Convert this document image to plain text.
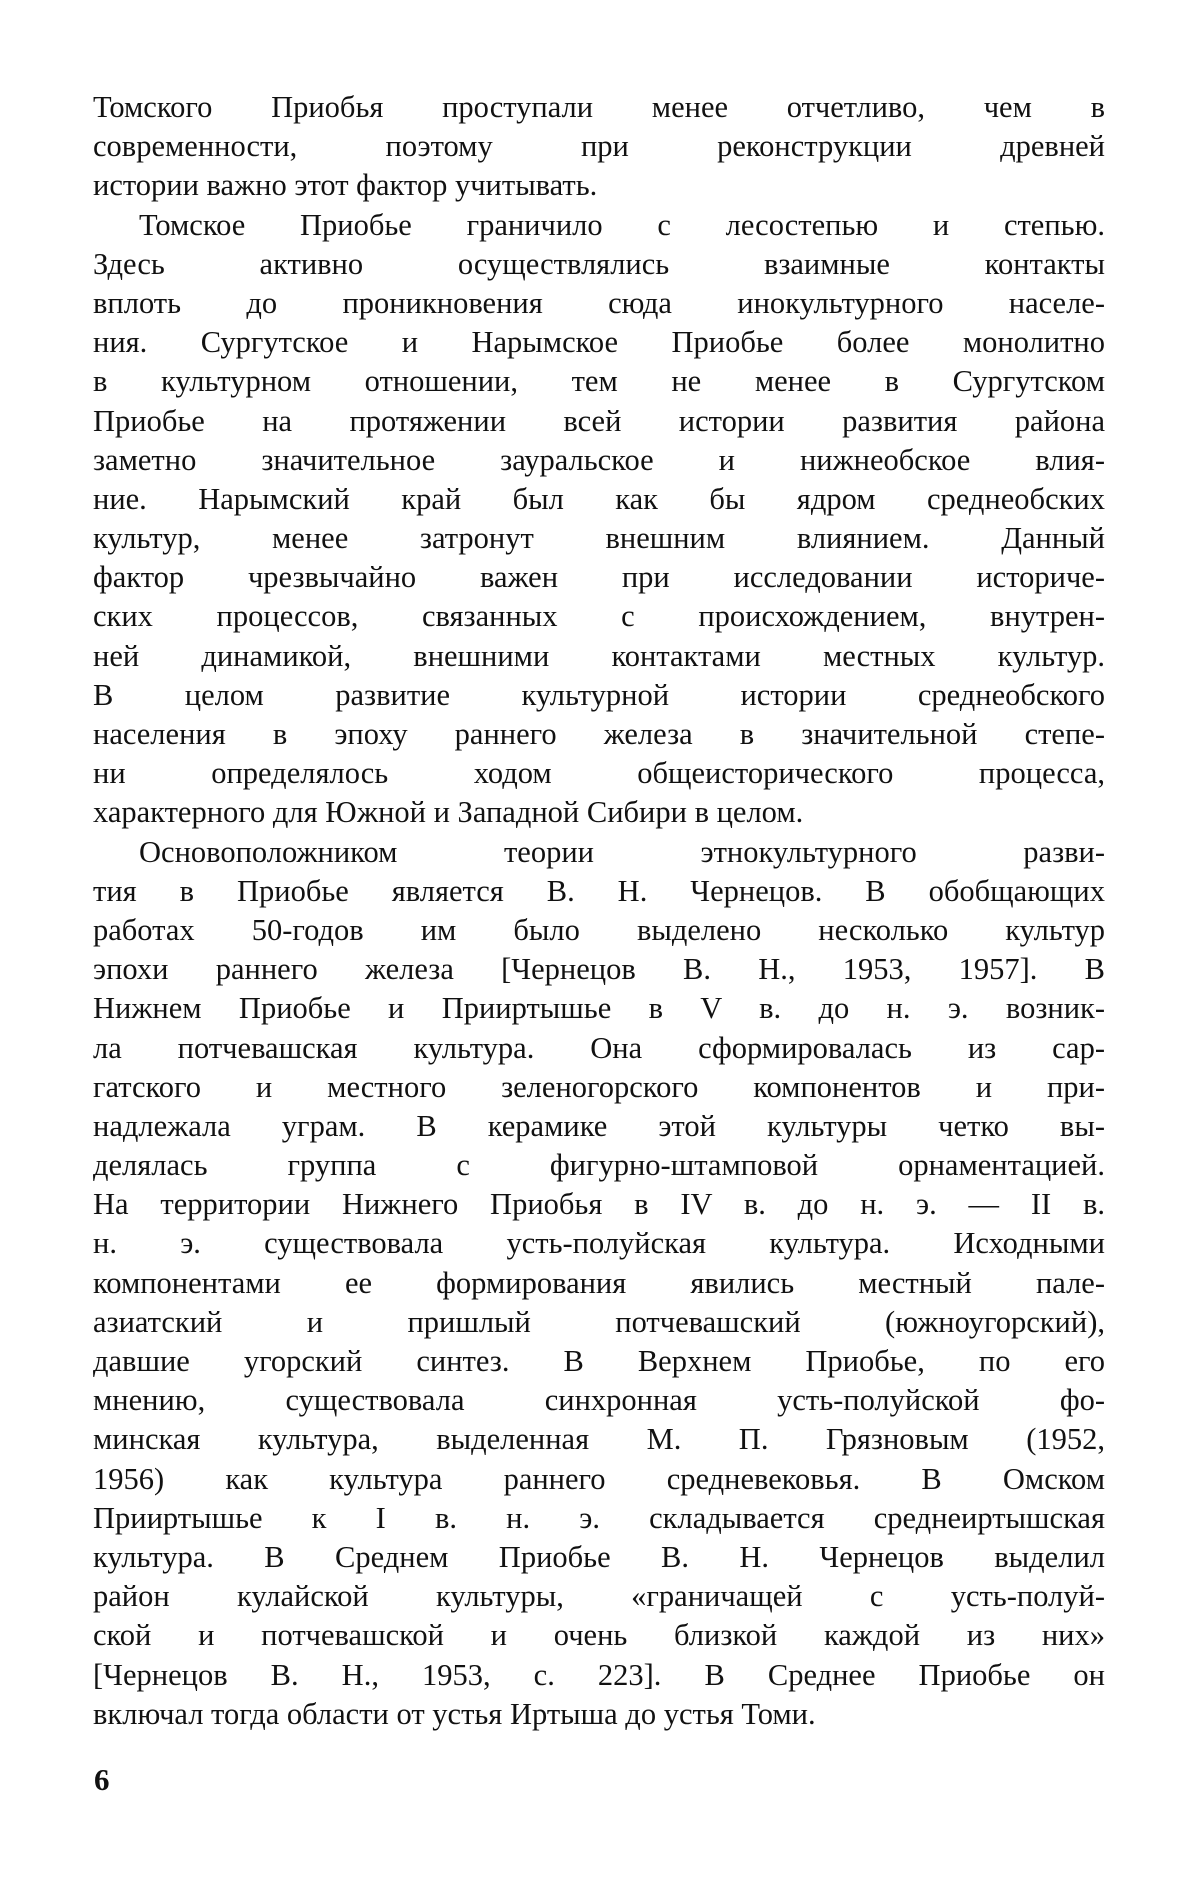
Томского Приобья проступали менее отчетливо, чем в
современности, поэтому при реконструкции древней
истории важно этот фактор учитывать.
Томское Приобье граничило с лесостепью и степью.
Здесь активно осуществлялись взаимные контакты
вплоть до проникновения сюда инокультурного населе-
ния. Сургутское и Нарымское Приобье более монолитно
в культурном отношении, тем не менее в Сургутском
Приобье на протяжении всей истории развития района
заметно значительное зауральское и нижнеобское влия-
ние. Нарымский край был как бы ядром среднеобских
культур, менее затронут внешним влиянием. Данный
фактор чрезвычайно важен при исследовании историче-
ских процессов, связанных с происхождением, внутрен-
ней динамикой, внешними контактами местных культур.
В целом развитие культурной истории среднеобского
населения в эпоху раннего железа в значительной степе-
ни определялось ходом общеисторического процесса,
характерного для Южной и Западной Сибири в целом.
Основоположником теории этнокультурного разви-
тия в Приобье является В. Н. Чернецов. В обобщающих
работах 50-годов им было выделено несколько культур
эпохи раннего железа [Чернецов В. Н., 1953, 1957]. В
Нижнем Приобье и Прииртышье в V в. до н. э. возник-
ла потчевашская культура. Она сформировалась из сар-
гатского и местного зеленогорского компонентов и при-
надлежала уграм. В керамике этой культуры четко вы-
делялась группа с фигурно-штамповой орнаментацией.
На территории Нижнего Приобья в IV в. до н. э. — II в.
н. э. существовала усть-полуйская культура. Исходными
компонентами ее формирования явились местный пале-
азиатский и пришлый потчевашский (южноугорский),
давшие угорский синтез. В Верхнем Приобье, по его
мнению, существовала синхронная усть-полуйской фо-
минская культура, выделенная М. П. Грязновым (1952,
1956) как культура раннего средневековья. В Омском
Прииртышье к I в. н. э. складывается среднеиртышская
культура. В Среднем Приобье В. Н. Чернецов выделил
район кулайской культуры, «граничащей с усть-полуй-
ской и потчевашской и очень близкой каждой из них»
[Чернецов В. Н., 1953, с. 223]. В Среднее Приобье он
включал тогда области от устья Иртыша до устья Томи.
6
